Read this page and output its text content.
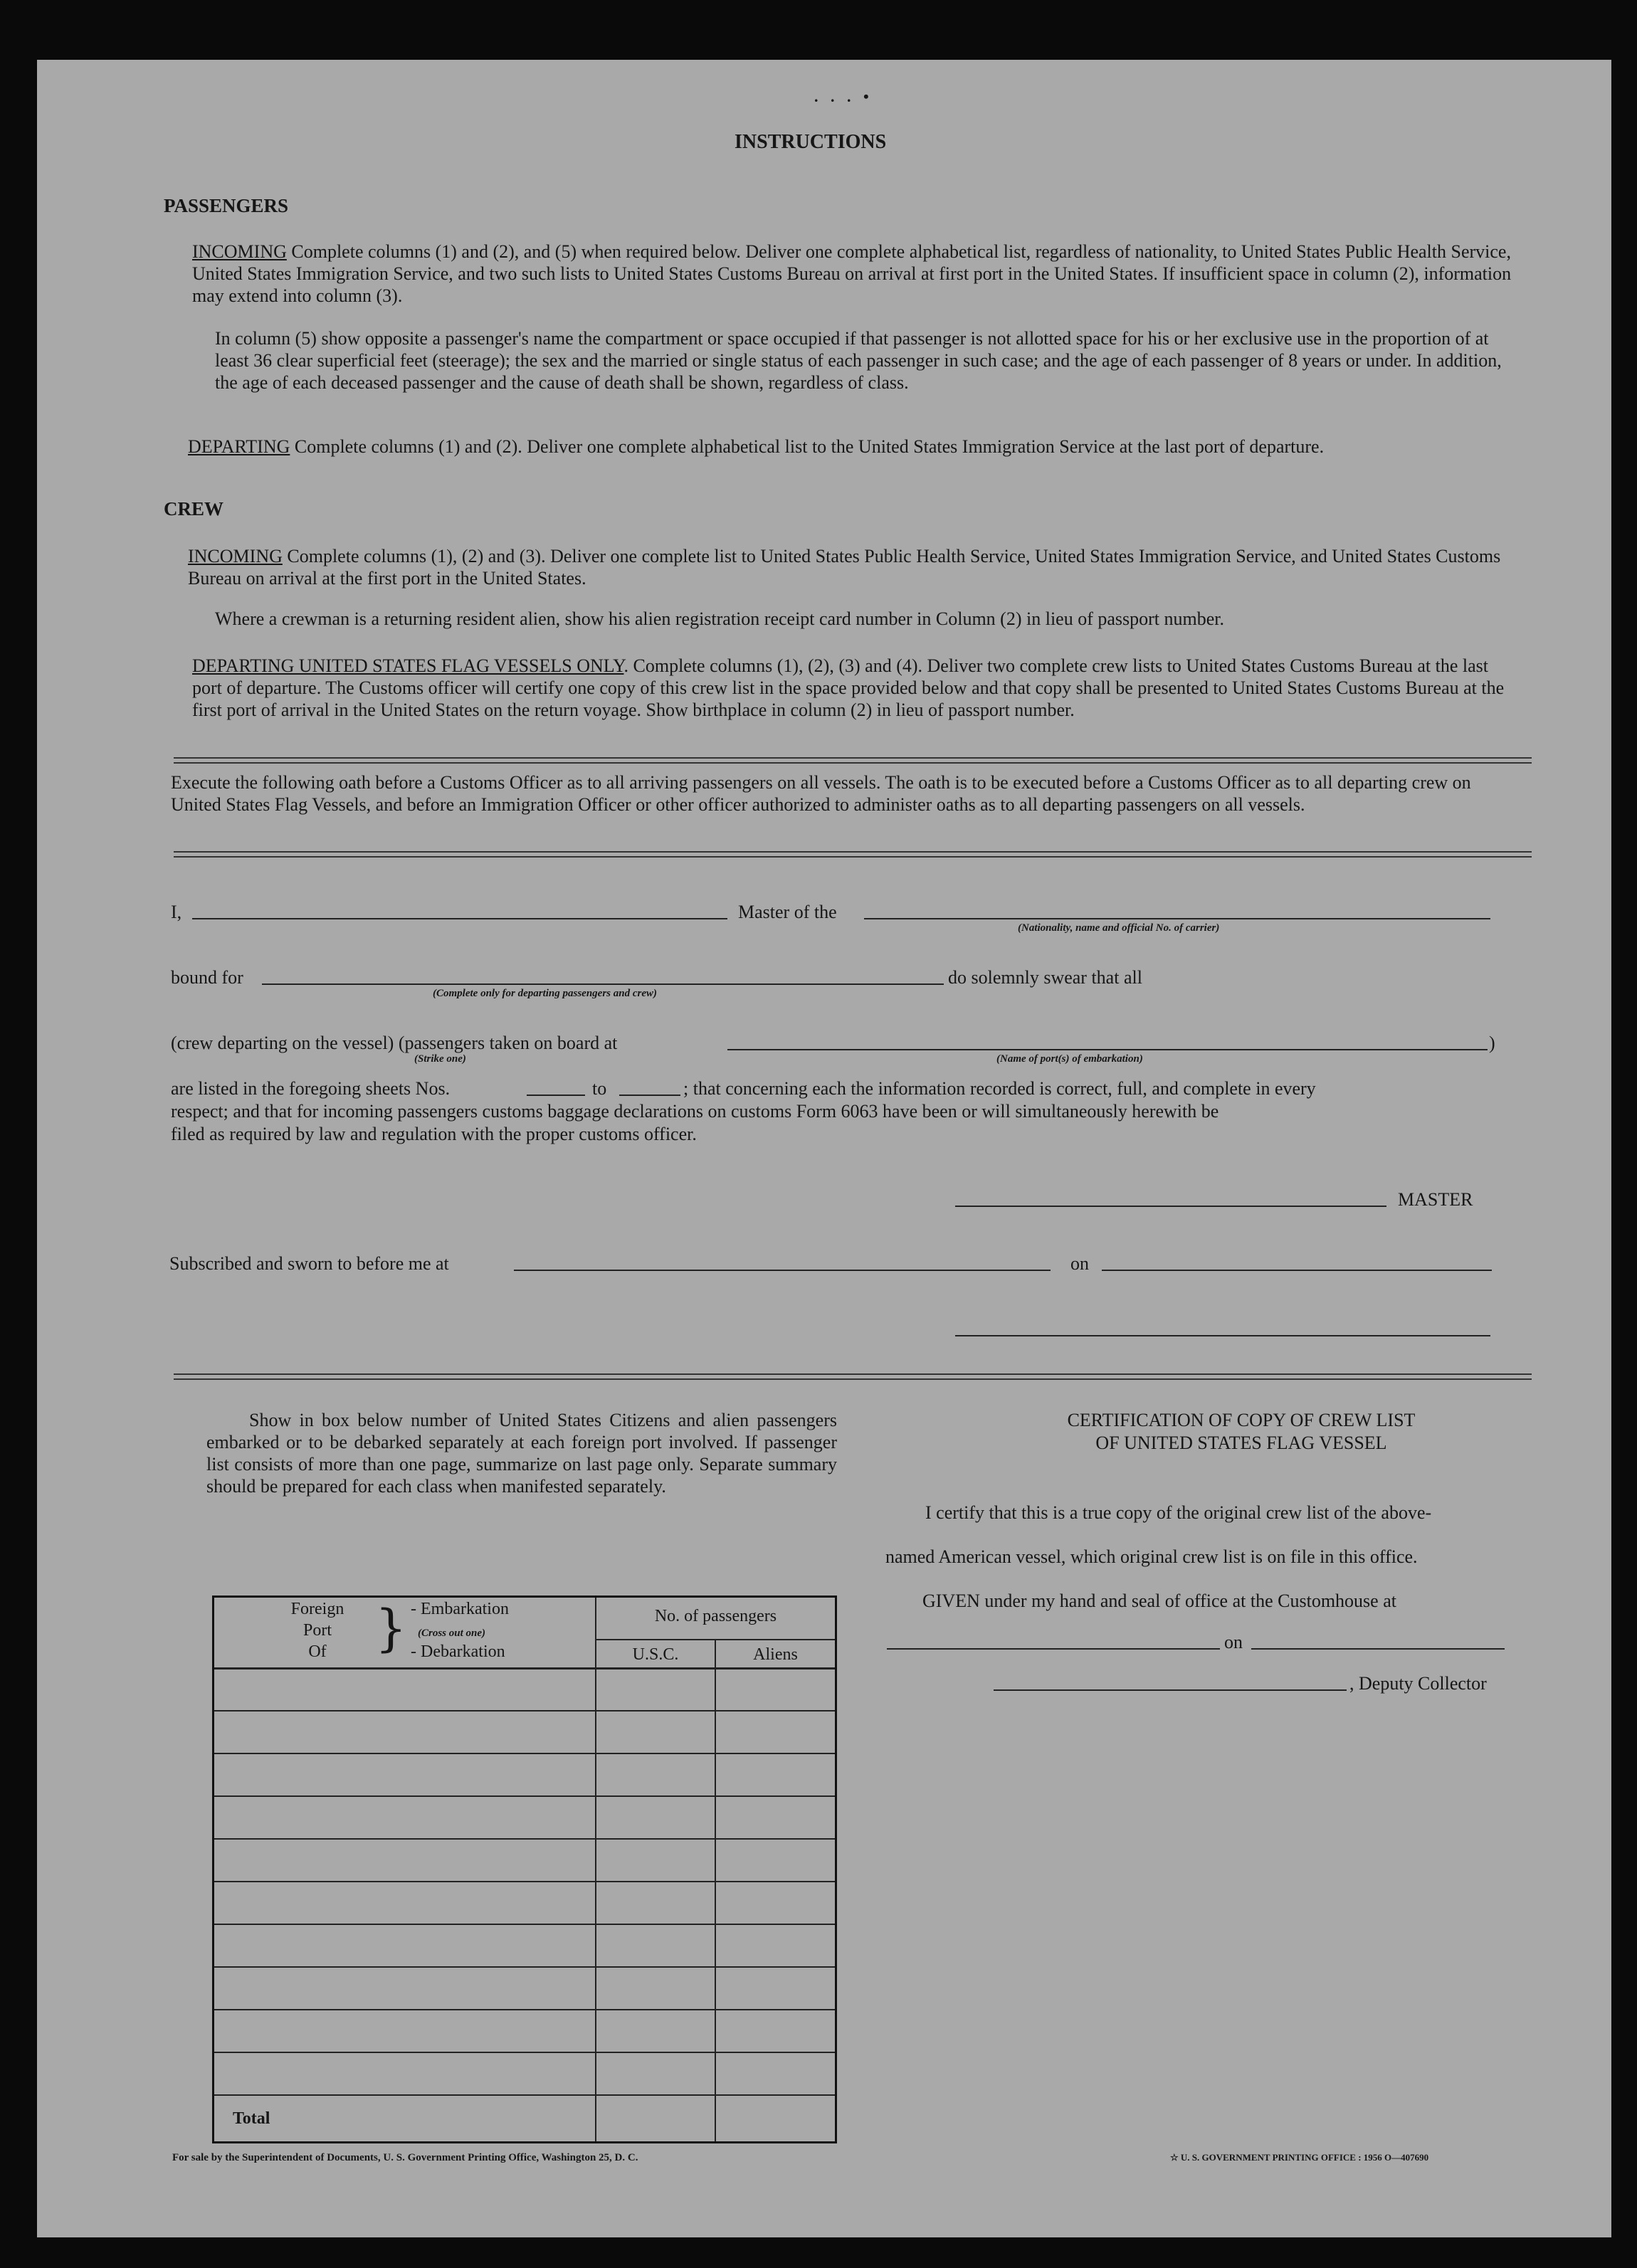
. . . •
INSTRUCTIONS
PASSENGERS
INCOMING Complete columns (1) and (2), and (5) when required below. Deliver one complete alphabetical list, regardless of nationality, to United States Public Health Service, United States Immigration Service, and two such lists to United States Customs Bureau on arrival at first port in the United States. If insufficient space in column (2), information may extend into column (3).
In column (5) show opposite a passenger's name the compartment or space occupied if that passenger is not allotted space for his or her exclusive use in the proportion of at least 36 clear superficial feet (steerage); the sex and the married or single status of each passenger in such case; and the age of each passenger of 8 years or under. In addition, the age of each deceased passenger and the cause of death shall be shown, regardless of class.
DEPARTING Complete columns (1) and (2). Deliver one complete alphabetical list to the United States Immigration Service at the last port of departure.
CREW
INCOMING Complete columns (1), (2) and (3). Deliver one complete list to United States Public Health Service, United States Immigration Service, and United States Customs Bureau on arrival at the first port in the United States.
Where a crewman is a returning resident alien, show his alien registration receipt card number in Column (2) in lieu of passport number.
DEPARTING UNITED STATES FLAG VESSELS ONLY. Complete columns (1), (2), (3) and (4). Deliver two complete crew lists to United States Customs Bureau at the last port of departure. The Customs officer will certify one copy of this crew list in the space provided below and that copy shall be presented to United States Customs Bureau at the first port of arrival in the United States on the return voyage. Show birthplace in column (2) in lieu of passport number.
Execute the following oath before a Customs Officer as to all arriving passengers on all vessels. The oath is to be executed before a Customs Officer as to all departing crew on United States Flag Vessels, and before an Immigration Officer or other officer authorized to administer oaths as to all departing passengers on all vessels.
I,	Master of the
(Nationality, name and official No. of carrier)
bound for
(Complete only for departing passengers and crew)
do solemnly swear that all
(crew departing on the vessel) (passengers taken on board at	)
(Strike one)	(Name of port(s) of embarkation)
are listed in the foregoing sheets Nos.	to	; that concerning each the information recorded is correct, full, and complete in every
respect; and that for incoming passengers customs baggage declarations on customs Form 6063 have been or will simultaneously herewith be
filed as required by law and regulation with the proper customs officer.
MASTER
Subscribed and sworn to before me at	on
Show in box below number of United States Citizens and alien passengers embarked or to be debarked separately at each foreign port involved. If passenger list consists of more than one page, summarize on last page only. Separate summary should be prepared for each class when manifested separately.
Foreign
Port
Of } - Embarkation
(Cross out one)
- Debarkation
No. of passengers
U.S.C.	Aliens
Total
CERTIFICATION OF COPY OF CREW LIST
OF UNITED STATES FLAG VESSEL
I certify that this is a true copy of the original crew list of the above-
named American vessel, which original crew list is on file in this office.
GIVEN under my hand and seal of office at the Customhouse at
on
, Deputy Collector
For sale by the Superintendent of Documents, U. S. Government Printing Office, Washington 25, D. C.	☆ U. S. GOVERNMENT PRINTING OFFICE : 1956 O—407690
